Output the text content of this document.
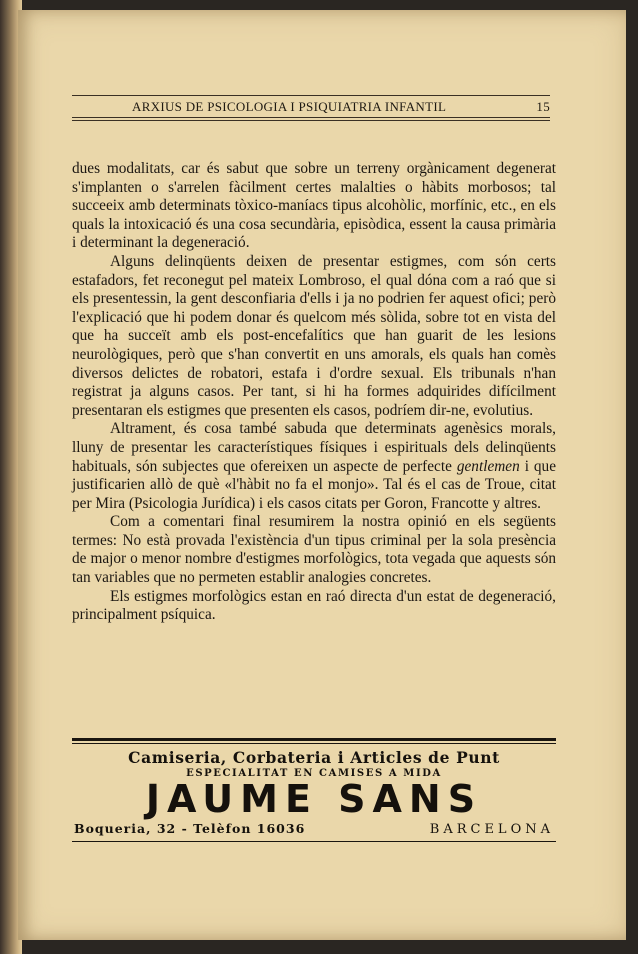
ARXIUS DE PSICOLOGIA I PSIQUIATRIA INFANTIL	15

dues modalitats, car és sabut que sobre un terreny orgànicament degenerat s'implanten o s'arrelen fàcilment certes malalties o hàbits morbosos; tal succeeix amb determinats tòxico-maníacs tipus alcohòlic, morfínic, etc., en els quals la intoxicació és una cosa secundària, episòdica, essent la causa primària i determinant la degeneració.

Alguns delinqüents deixen de presentar estigmes, com són certs estafadors, fet reconegut pel mateix Lombroso, el qual dóna com a raó que si els presentessin, la gent desconfiaria d'ells i ja no podrien fer aquest ofici; però l'explicació que hi podem donar és quelcom més sòlida, sobre tot en vista del que ha succeït amb els post-encefalítics que han guarit de les lesions neurològiques, però que s'han convertit en uns amorals, els quals han comès diversos delictes de robatori, estafa i d'ordre sexual. Els tribunals n'han registrat ja alguns casos. Per tant, si hi ha formes adquirides difícilment presentaran els estigmes que presenten els casos, podríem dir-ne, evolutius.

Altrament, és cosa també sabuda que determinats agenèsics morals, lluny de presentar les característiques físiques i espirituals dels delinqüents habituals, són subjectes que ofereixen un aspecte de perfecte gentlemen i que justificarien allò de què «l'hàbit no fa el monjo». Tal és el cas de Troue, citat per Mira (Psicologia Jurídica) i els casos citats per Goron, Francotte y altres.

Com a comentari final resumirem la nostra opinió en els següents termes: No està provada l'existència d'un tipus criminal per la sola presència de major o menor nombre d'estigmes morfològics, tota vegada que aquests són tan variables que no permeten establir analogies concretes.

Els estigmes morfològics estan en raó directa d'un estat de degeneració, principalment psíquica.

Camiseria, Corbateria i Articles de Punt
ESPECIALITAT EN CAMISES A MIDA
JAUME SANS
Boqueria, 32 - Telèfon 16036	BARCELONA
